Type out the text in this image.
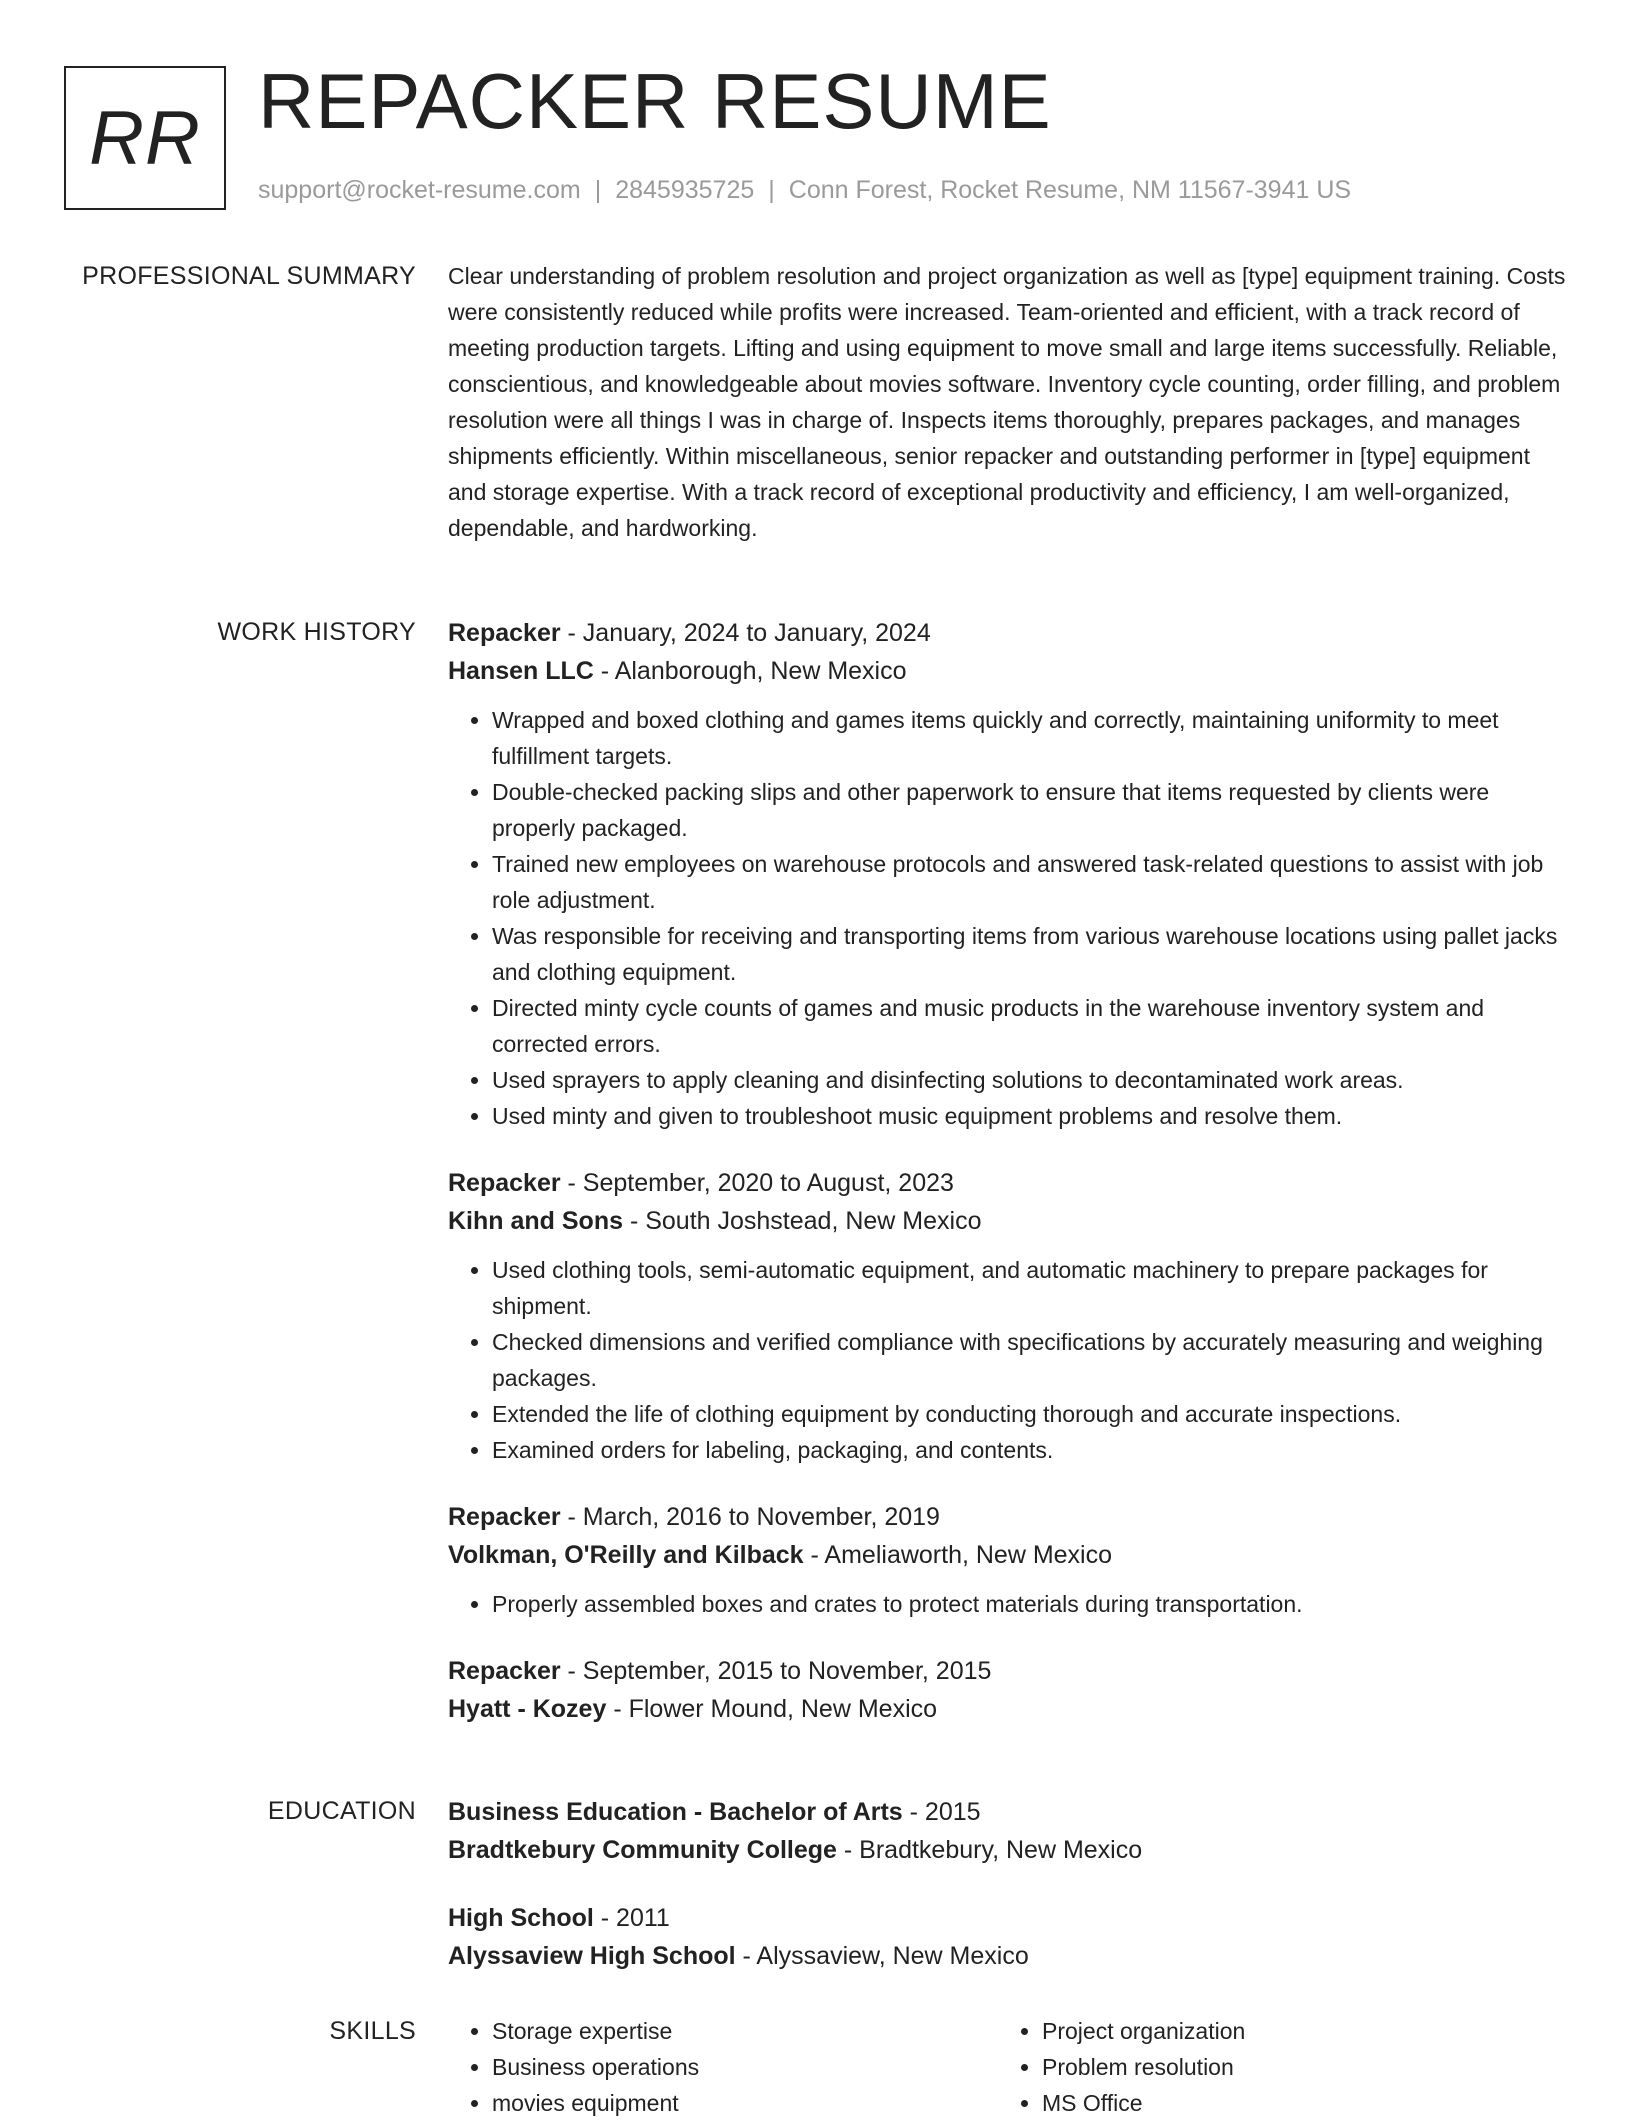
RR REPACKER RESUME
support@rocket-resume.com | 2845935725 | Conn Forest, Rocket Resume, NM 11567-3941 US
PROFESSIONAL SUMMARY Clear understanding of problem resolution and project organization as well as [type] equipment training. Costs were consistently reduced while profits were increased. Team-oriented and efficient, with a track record of meeting production targets. Lifting and using equipment to move small and large items successfully. Reliable, conscientious, and knowledgeable about movies software. Inventory cycle counting, order filling, and problem resolution were all things I was in charge of. Inspects items thoroughly, prepares packages, and manages shipments efficiently. Within miscellaneous, senior repacker and outstanding performer in [type] equipment and storage expertise. With a track record of exceptional productivity and efficiency, I am well-organized, dependable, and hardworking.

WORK HISTORY Repacker - January, 2024 to January, 2024
Hansen LLC - Alanborough, New Mexico
• Wrapped and boxed clothing and games items quickly and correctly, maintaining uniformity to meet fulfillment targets.
• Double-checked packing slips and other paperwork to ensure that items requested by clients were properly packaged.
• Trained new employees on warehouse protocols and answered task-related questions to assist with job role adjustment.
• Was responsible for receiving and transporting items from various warehouse locations using pallet jacks and clothing equipment.
• Directed minty cycle counts of games and music products in the warehouse inventory system and corrected errors.
• Used sprayers to apply cleaning and disinfecting solutions to decontaminated work areas.
• Used minty and given to troubleshoot music equipment problems and resolve them.
Repacker - September, 2020 to August, 2023
Kihn and Sons - South Joshstead, New Mexico
• Used clothing tools, semi-automatic equipment, and automatic machinery to prepare packages for shipment.
• Checked dimensions and verified compliance with specifications by accurately measuring and weighing packages.
• Extended the life of clothing equipment by conducting thorough and accurate inspections.
• Examined orders for labeling, packaging, and contents.
Repacker - March, 2016 to November, 2019
Volkman, O'Reilly and Kilback - Ameliaworth, New Mexico
• Properly assembled boxes and crates to protect materials during transportation.
Repacker - September, 2015 to November, 2015
Hyatt - Kozey - Flower Mound, New Mexico
EDUCATION Business Education - Bachelor of Arts - 2015
Bradtkebury Community College - Bradtkebury, New Mexico
High School - 2011
Alyssaview High School - Alyssaview, New Mexico
SKILLS
•	Storage expertise
• Business operations
• movies equipment
• Project organization
• Problem resolution
• MS Office
